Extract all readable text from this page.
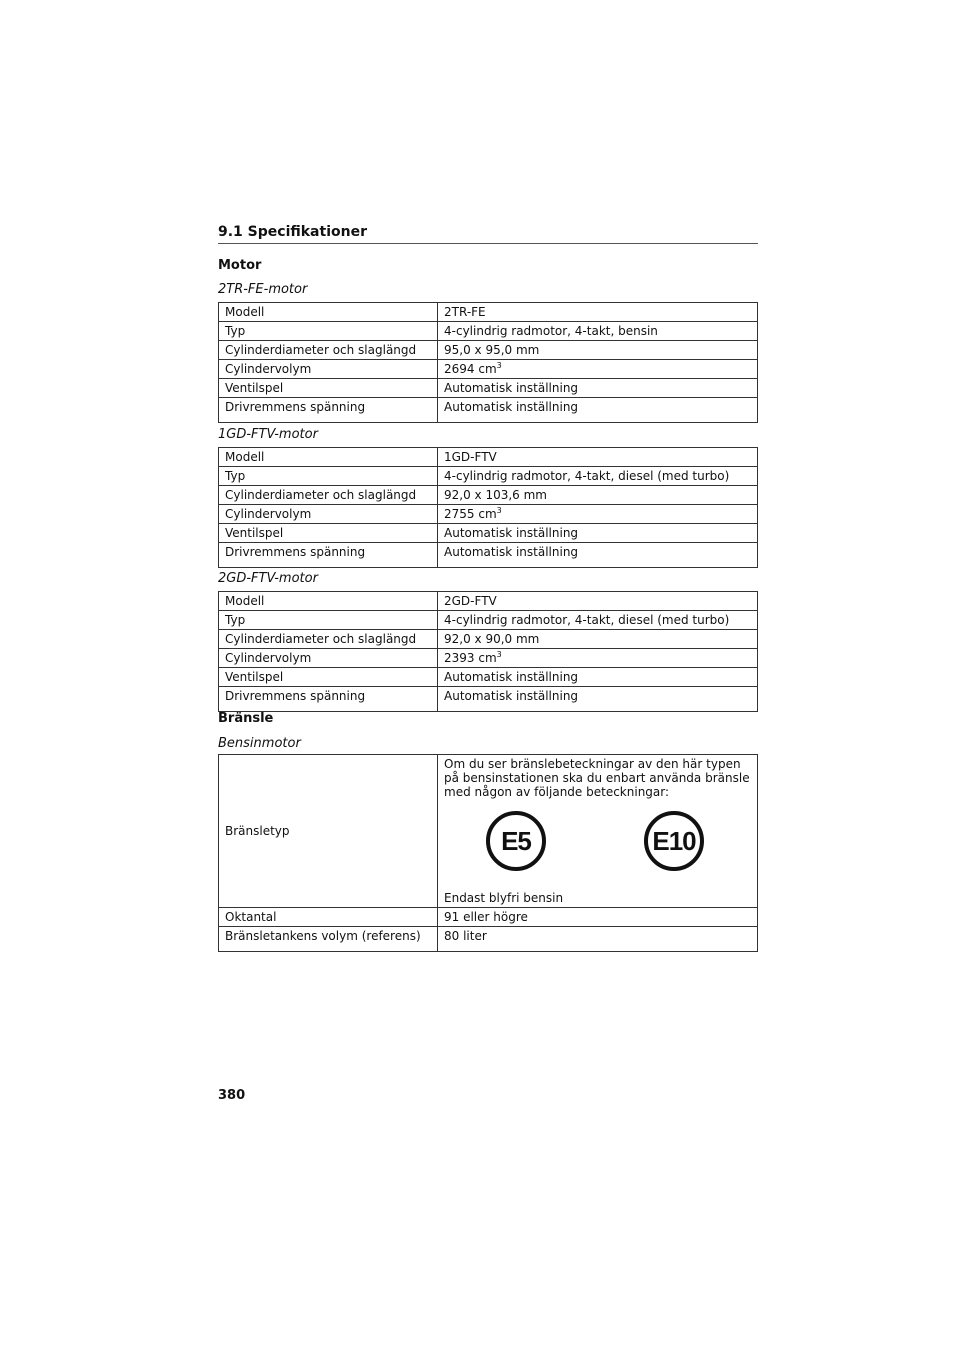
9.1 Specifikationer
Motor
2TR-FE-motor
Modell	2TR-FE
Typ	4-cylindrig radmotor, 4-takt, bensin
Cylinderdiameter och slaglängd	95,0 x 95,0 mm
Cylindervolym	2694 $cm^3$
Ventilspel	Automatisk inställning
Drivremmens spänning	Automatisk inställning
1GD-FTV-motor
Modell	1GD-FTV
Typ	4-cylindrig radmotor, 4-takt, diesel (med turbo)
Cylinderdiameter och slaglängd	92,0 x 103,6 mm
Cylindervolym	2755 $cm^3$
Ventilspel	Automatisk inställning
Drivremmens spänning	Automatisk inställning
2GD-FTV-motor
Modell	2GD-FTV
Typ	4-cylindrig radmotor, 4-takt, diesel (med turbo)
Cylinderdiameter och slaglängd	92,0 x 90,0 mm
Cylindervolym	2393 $cm^3$
Ventilspel	Automatisk inställning
Drivremmens spänning	Automatisk inställning
Bränsle
Bensinmotor
Bränsletyp	Om du ser bränslebeteckningar av den här typen på bensinstationen ska du enbart använda bränsle med någon av följande beteckningar:
E5 E10
Endast blyfri bensin

Oktantal	91 eller högre
Bränsletankens volym (referens)	80 liter
380
